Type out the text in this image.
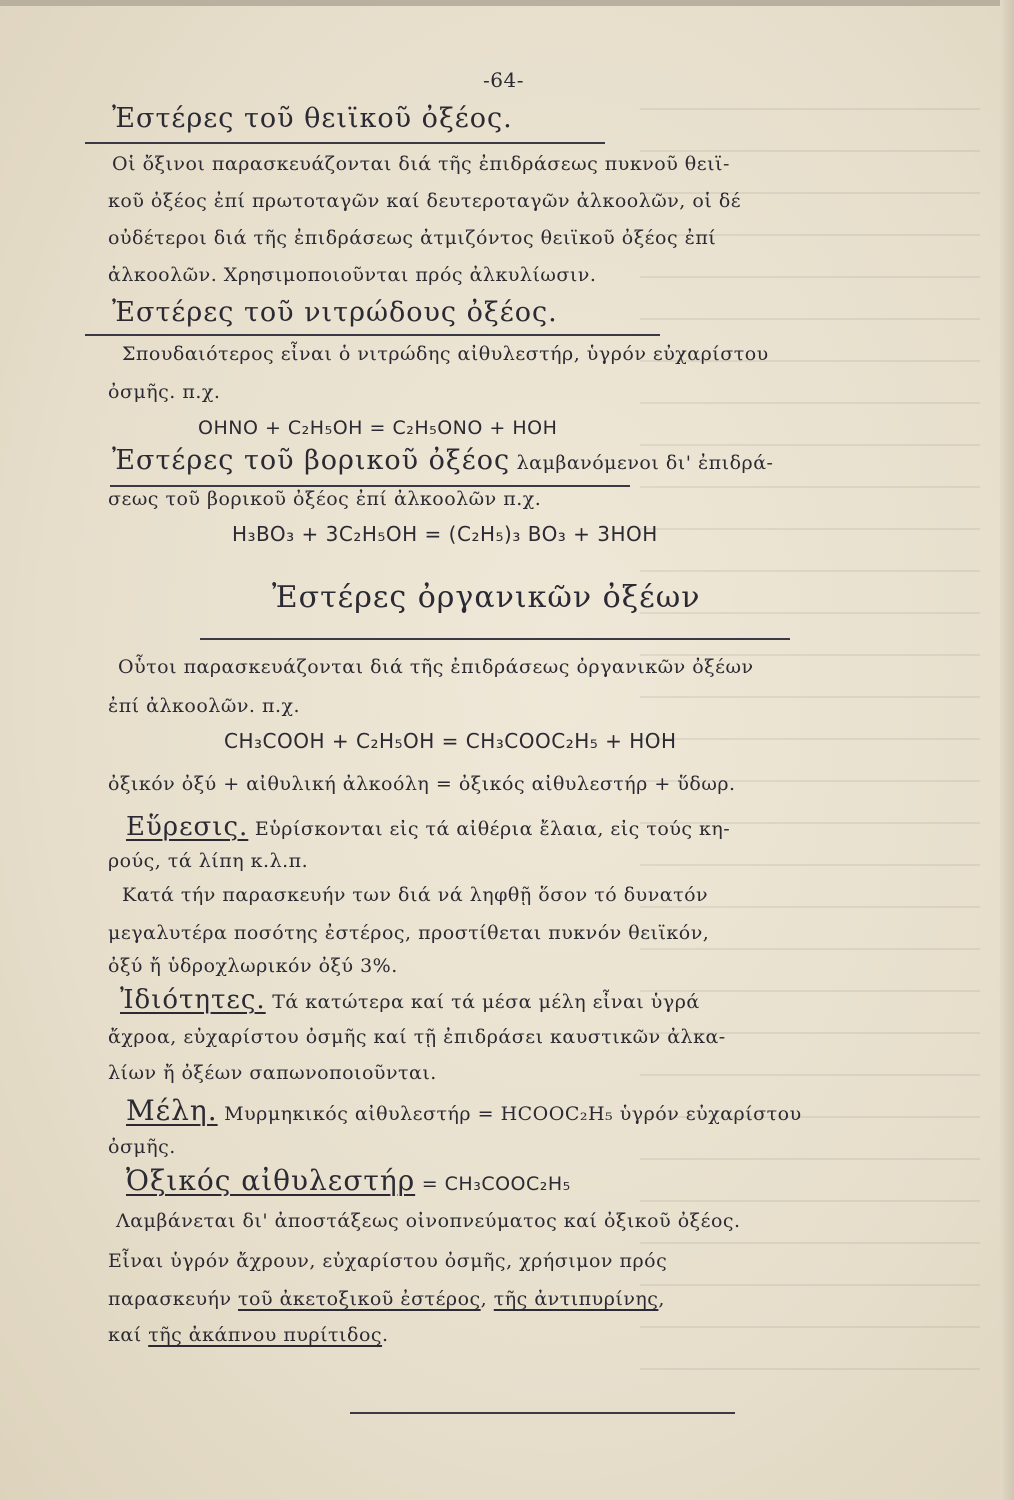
-64-
Ἐστέρες τοῦ θειϊκοῦ ὀξέος.
Οἱ ὄξινοι παρασκευάζονται διά τῆς ἐπιδράσεως πυκνοῦ θειϊ-
κοῦ ὀξέος ἐπί πρωτοταγῶν καί δευτεροταγῶν ἀλκοολῶν, οἱ δέ
οὐδέτεροι διά τῆς ἐπιδράσεως ἀτμιζόντος θειϊκοῦ ὀξέος ἐπί
ἀλκοολῶν. Χρησιμοποιοῦνται πρός ἀλκυλίωσιν.
Ἐστέρες τοῦ νιτρώδους ὀξέος.
Σπουδαιότερος εἶναι ὁ νιτρώδης αἰθυλεστήρ, ὑγρόν εὐχαρίστου
ὀσμῆς. π.χ.
OHNO + C₂H₅OH = C₂H₅ONO + HOH
Ἐστέρες τοῦ βορικοῦ ὀξέος λαμβανόμενοι δι' ἐπιδρά-
σεως τοῦ βορικοῦ ὀξέος ἐπί ἀλκοολῶν π.χ.
H₃BO₃ + 3C₂H₅OH = (C₂H₅)₃ BO₃ + 3HOH
Ἐστέρες ὀργανικῶν ὀξέων
Οὗτοι παρασκευάζονται διά τῆς ἐπιδράσεως ὀργανικῶν ὀξέων
ἐπί ἀλκοολῶν. π.χ.
CH₃COOH + C₂H₅OH = CH₃COOC₂H₅ + HOH
ὀξικόν ὀξύ + αἰθυλική ἀλκοόλη = ὀξικός αἰθυλεστήρ + ὕδωρ.
Εὕρεσις. Εὑρίσκονται εἰς τά αἰθέρια ἔλαια, εἰς τούς κη-
ρούς, τά λίπη κ.λ.π.
Κατά τήν παρασκευήν των διά νά ληφθῇ ὅσον τό δυνατόν
μεγαλυτέρα ποσότης ἐστέρος, προστίθεται πυκνόν θειϊκόν,
ὀξύ ἤ ὑδροχλωρικόν ὀξύ 3%.
Ἰδιότητες. Τά κατώτερα καί τά μέσα μέλη εἶναι ὑγρά
ἄχροα, εὐχαρίστου ὀσμῆς καί τῇ ἐπιδράσει καυστικῶν ἀλκα-
λίων ἤ ὀξέων σαπωνοποιοῦνται.
Μέλη. Μυρμηκικός αἰθυλεστήρ = HCOOC₂H₅ ὑγρόν εὐχαρίστου
ὀσμῆς.
Ὀξικός αἰθυλεστήρ = CH₃COOC₂H₅
Λαμβάνεται δι' ἀποστάξεως οἰνοπνεύματος καί ὀξικοῦ ὀξέος.
Εἶναι ὑγρόν ἄχρουν, εὐχαρίστου ὀσμῆς, χρήσιμον πρός
παρασκευήν τοῦ ἀκετοξικοῦ ἐστέρος, τῆς ἀντιπυρίνης,
καί τῆς ἀκάπνου πυρίτιδος.
